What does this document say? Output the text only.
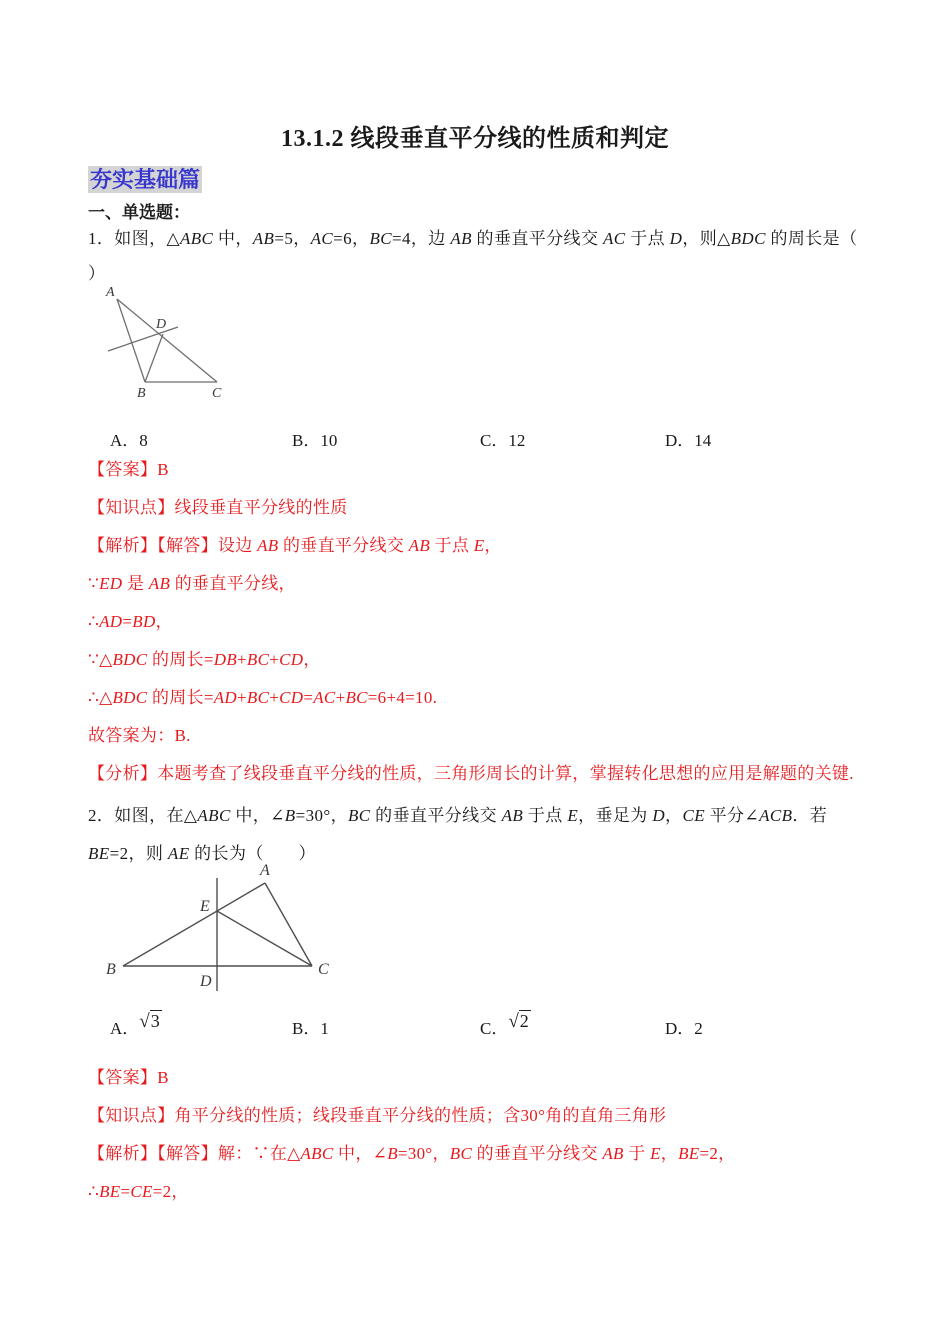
13.1.2 线段垂直平分线的性质和判定
夯实基础篇
一、单选题：

1．如图，△ABC 中，AB=5，AC=6，BC=4，边 AB 的垂直平分线交 AC 于点 D，则△BDC 的周长是（

）

A
B	C
D
A．8	B．10	C．12	D．14

【答案】B

【知识点】线段垂直平分线的性质

【解析】【解答】设边 AB 的垂直平分线交 AB 于点 E，

∵ED 是 AB 的垂直平分线，

∴AD=BD，

∵△BDC 的周长=DB+BC+CD，

∴△BDC 的周长=AD+BC+CD=AC+BC=6+4=10.

故答案为：B.

【分析】本题考查了线段垂直平分线的性质，三角形周长的计算，掌握转化思想的应用是解题的关键.

2．如图，在△ABC 中，∠B=30°，BC 的垂直平分线交 AB 于点 E，垂足为 D，CE 平分∠ACB．若

BE=2，则 AE 的长为（　　）

A
E
B	C
D
A．√3	B．1	C．√2	D．2

【答案】B

【知识点】角平分线的性质；线段垂直平分线的性质；含30°角的直角三角形

【解析】【解答】解：∵在△ABC 中，∠B=30°，BC 的垂直平分线交 AB 于 E，BE=2，

∴BE=CE=2，
